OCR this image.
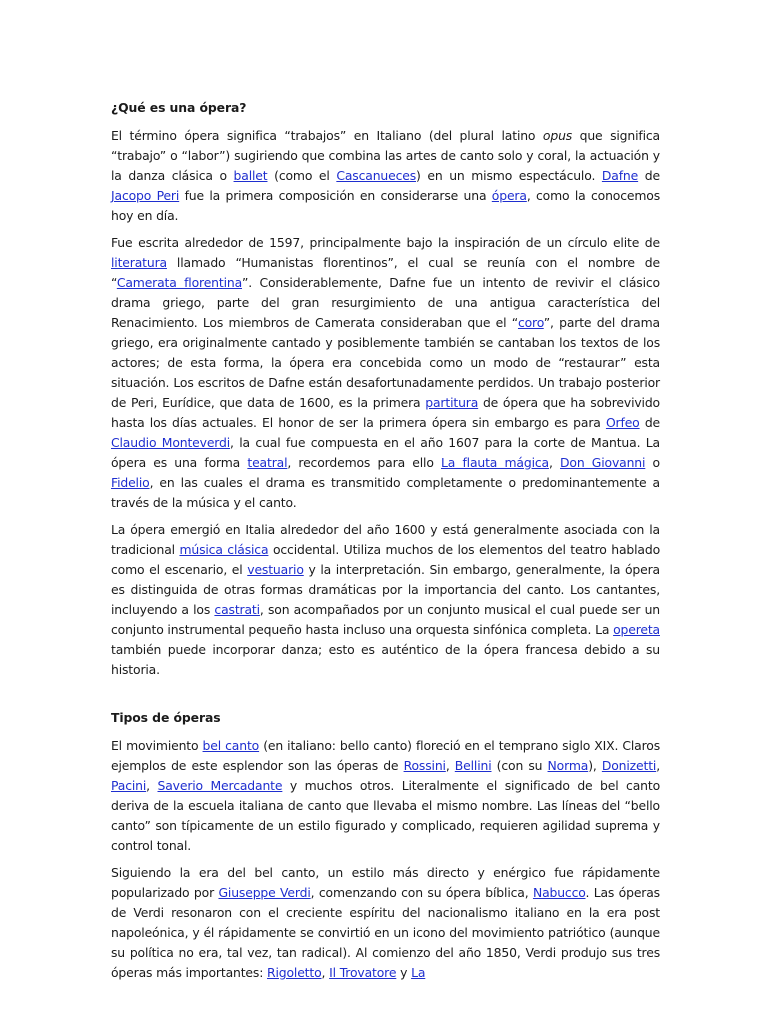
¿Qué es una ópera?

El término ópera significa “trabajos” en Italiano (del plural latino opus que significa “trabajo” o “labor”) sugiriendo que combina las artes de canto solo y coral, la actuación y la danza clásica o ballet (como el Cascanueces) en un mismo espectáculo. Dafne de Jacopo Peri fue la primera composición en considerarse una ópera, como la conocemos hoy en día.

Fue escrita alrededor de 1597, principalmente bajo la inspiración de un círculo elite de literatura llamado “Humanistas florentinos”, el cual se reunía con el nombre de “Camerata florentina”. Considerablemente, Dafne fue un intento de revivir el clásico drama griego, parte del gran resurgimiento de una antigua característica del Renacimiento. Los miembros de Camerata consideraban que el “coro”, parte del drama griego, era originalmente cantado y posiblemente también se cantaban los textos de los actores; de esta forma, la ópera era concebida como un modo de “restaurar” esta situación. Los escritos de Dafne están desafortunadamente perdidos. Un trabajo posterior de Peri, Eurídice, que data de 1600, es la primera partitura de ópera que ha sobrevivido hasta los días actuales. El honor de ser la primera ópera sin embargo es para Orfeo de Claudio Monteverdi, la cual fue compuesta en el año 1607 para la corte de Mantua. La ópera es una forma teatral, recordemos para ello La flauta mágica, Don Giovanni o Fidelio, en las cuales el drama es transmitido completamente o predominantemente a través de la música y el canto.

La ópera emergió en Italia alrededor del año 1600 y está generalmente asociada con la tradicional música clásica occidental. Utiliza muchos de los elementos del teatro hablado como el escenario, el vestuario y la interpretación. Sin embargo, generalmente, la ópera es distinguida de otras formas dramáticas por la importancia del canto. Los cantantes, incluyendo a los castrati, son acompañados por un conjunto musical el cual puede ser un conjunto instrumental pequeño hasta incluso una orquesta sinfónica completa. La opereta también puede incorporar danza; esto es auténtico de la ópera francesa debido a su historia.

Tipos de óperas

El movimiento bel canto (en italiano: bello canto) floreció en el temprano siglo XIX. Claros ejemplos de este esplendor son las óperas de Rossini, Bellini (con su Norma), Donizetti, Pacini, Saverio Mercadante y muchos otros. Literalmente el significado de bel canto deriva de la escuela italiana de canto que llevaba el mismo nombre. Las líneas del “bello canto” son típicamente de un estilo figurado y complicado, requieren agilidad suprema y control tonal.

Siguiendo la era del bel canto, un estilo más directo y enérgico fue rápidamente popularizado por Giuseppe Verdi, comenzando con su ópera bíblica, Nabucco. Las óperas de Verdi resonaron con el creciente espíritu del nacionalismo italiano en la era post napoleónica, y él rápidamente se convirtió en un icono del movimiento patriótico (aunque su política no era, tal vez, tan radical). Al comienzo del año 1850, Verdi produjo sus tres óperas más importantes: Rigoletto, Il Trovatore y La
